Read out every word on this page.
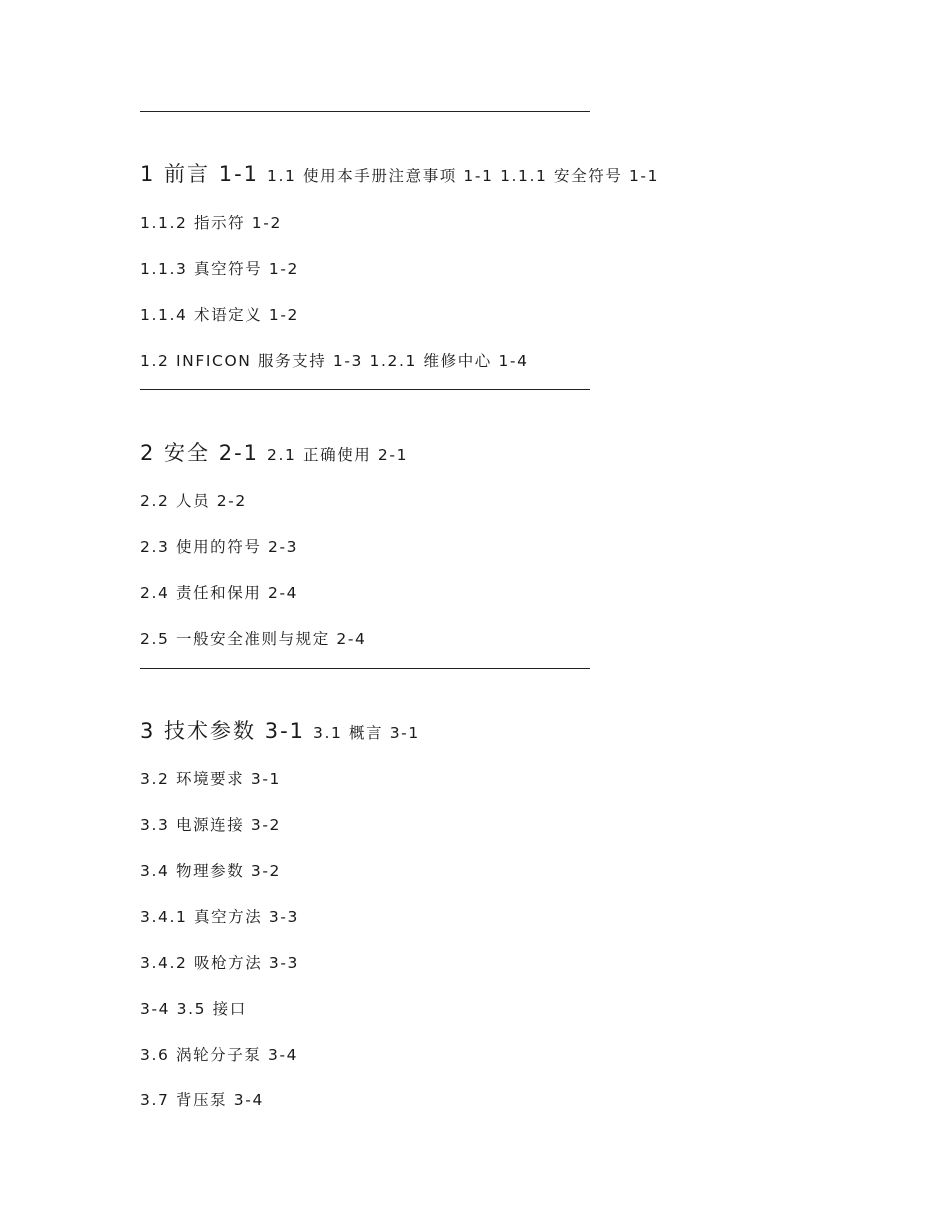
1 前言 1-1 1.1 使用本手册注意事项 1-1 1.1.1 安全符号 1-1
1.1.2 指示符 1-2
1.1.3 真空符号 1-2
1.1.4 术语定义 1-2
1.2 INFICON 服务支持 1-3 1.2.1 维修中心 1-4
2 安全 2-1 2.1 正确使用 2-1
2.2 人员 2-2
2.3 使用的符号 2-3
2.4 责任和保用 2-4
2.5 一般安全准则与规定 2-4
3 技术参数 3-1 3.1 概言 3-1
3.2 环境要求 3-1
3.3 电源连接 3-2
3.4 物理参数 3-2
3.4.1 真空方法 3-3
3.4.2 吸枪方法 3-3
3-4 3.5 接口
3.6 涡轮分子泵 3-4
3.7 背压泵 3-4
